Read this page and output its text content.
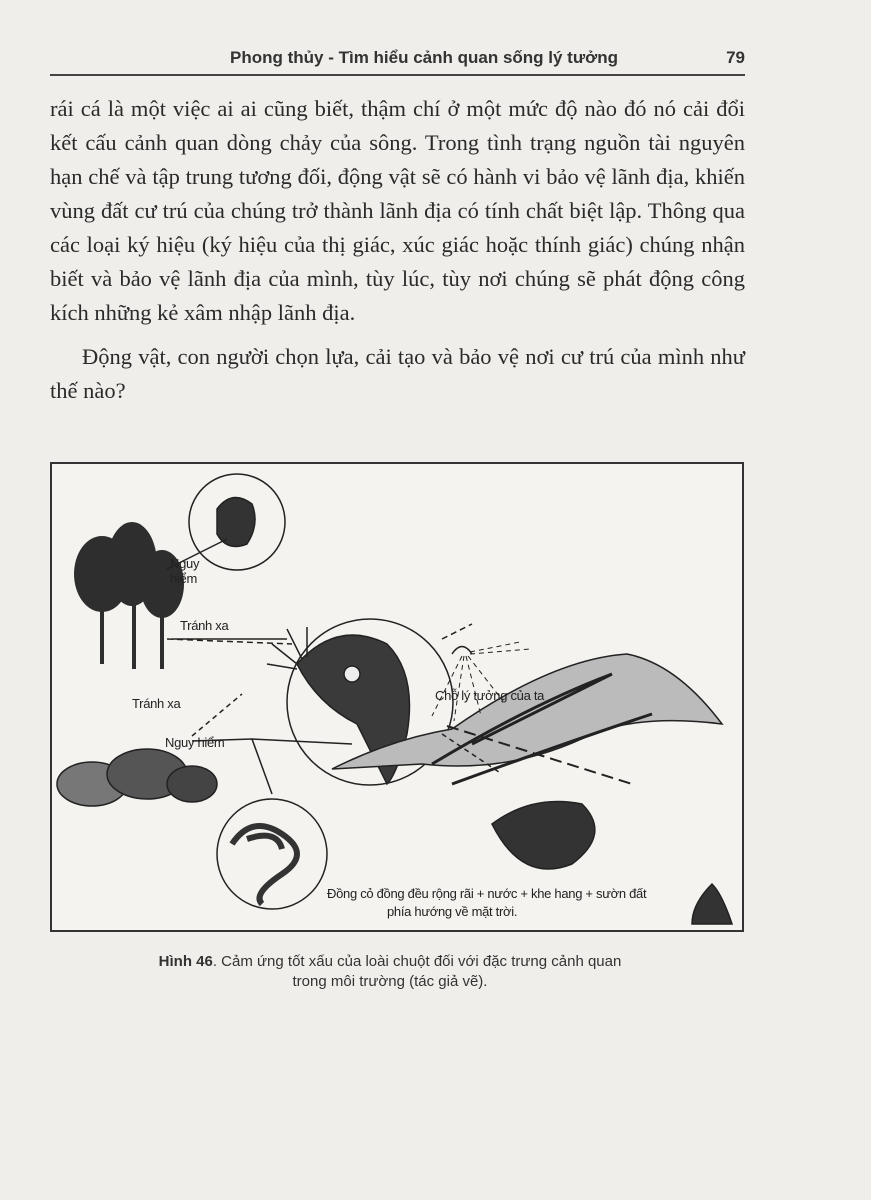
Phong thủy - Tìm hiểu cảnh quan sống lý tưởng	79

rái cá là một việc ai ai cũng biết, thậm chí ở một mức độ nào đó nó cải đổi kết cấu cảnh quan dòng chảy của sông. Trong tình trạng nguồn tài nguyên hạn chế và tập trung tương đối, động vật sẽ có hành vi bảo vệ lãnh địa, khiến vùng đất cư trú của chúng trở thành lãnh địa có tính chất biệt lập. Thông qua các loại ký hiệu (ký hiệu của thị giác, xúc giác hoặc thính giác) chúng nhận biết và bảo vệ lãnh địa của mình, tùy lúc, tùy nơi chúng sẽ phát động công kích những kẻ xâm nhập lãnh địa.

Động vật, con người chọn lựa, cải tạo và bảo vệ nơi cư trú của mình như thế nào?

Nguy hiểm
Tránh xa
Tránh xa
Nguy hiểm
Chỗ lý tưởng của ta
Đồng cỏ đồng đều rộng rãi + nước + khe hang + sườn đất
phía hướng về mặt trời.
Hình 46. Cảm ứng tốt xấu của loài chuột đối với đặc trưng cảnh quan trong môi trường (tác giả vẽ).
